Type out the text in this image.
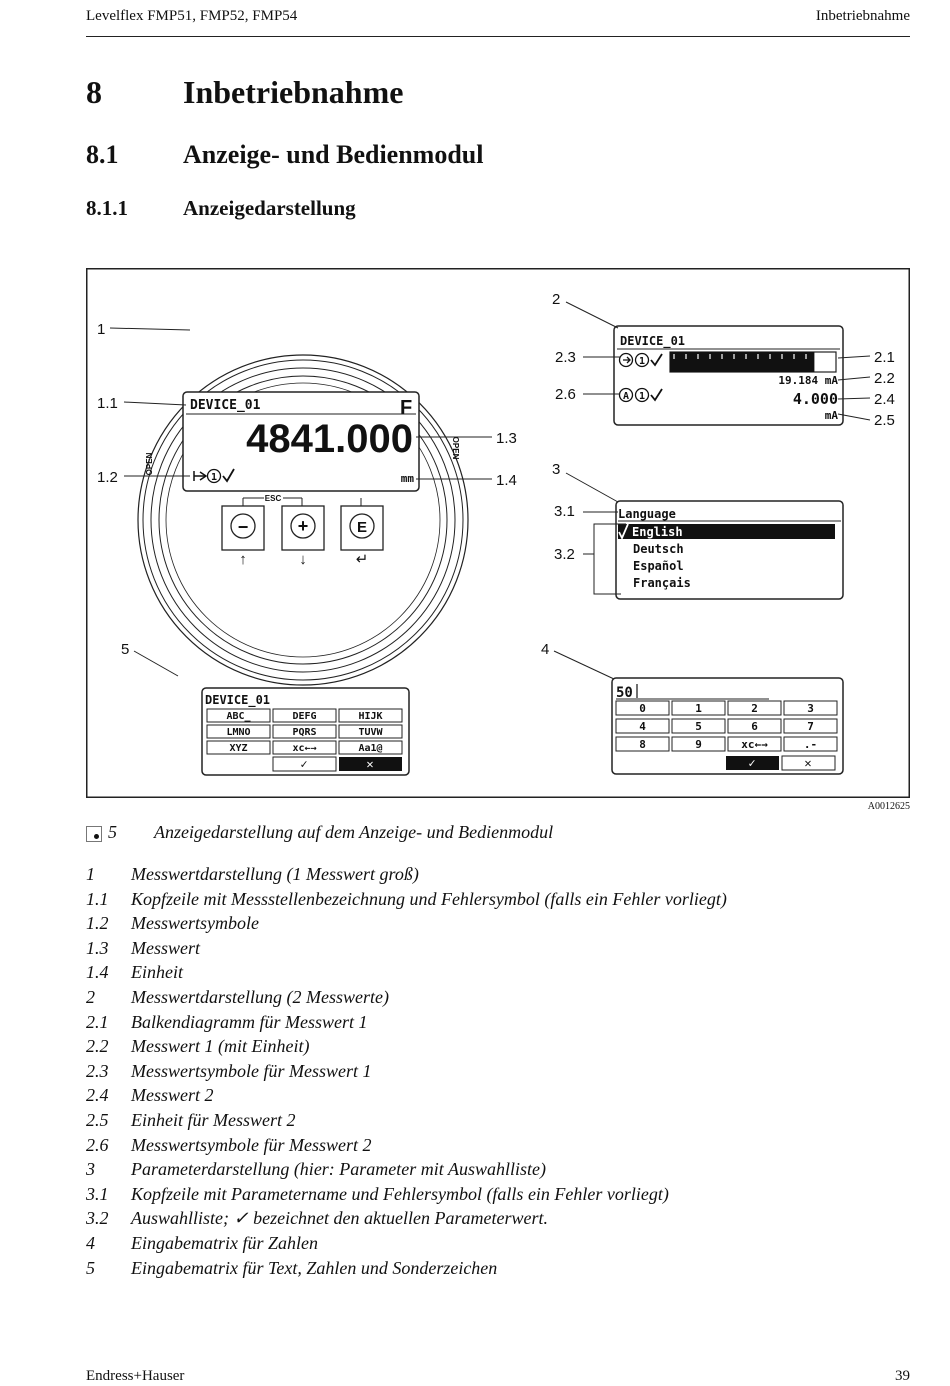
Levelflex FMP51, FMP52, FMP54	Inbetriebnahme
8	Inbetriebnahme
8.1 Anzeige- und Bedienmodul
8.1.1	Anzeigedarstellung
OPEN
OPEN
DEVICE_01	F
4841.000
1	mm
ESC
−
↑
+
↓
E
↵
1
1.1
1.2
1.3
1.4
DEVICE_01
1
19.184 mA
A 1	4.000
mA
2
2.3
2.6
2.1
2.2
2.4
2.5
Language
English
Deutsch
Español
Français
3
3.1
3.2
50
0	1	2	3
4	5	6	7
8	9	xc←→	.-
✓	✕
4
DEVICE_01
ABC_	DEFG	HIJK
LMNO	PQRS	TUVW
XYZ	xc←→	Aa1@
✓	✕
5
A0012625
5 Anzeigedarstellung auf dem Anzeige- und Bedienmodul
1 Messwertdarstellung (1 Messwert groß)
1.1 Kopfzeile mit Messstellenbezeichnung und Fehlersymbol (falls ein Fehler vorliegt)
1.2 Messwertsymbole
1.3 Messwert
1.4 Einheit
2 Messwertdarstellung (2 Messwerte)
2.1 Balkendiagramm für Messwert 1
2.2 Messwert 1 (mit Einheit)
2.3 Messwertsymbole für Messwert 1
2.4 Messwert 2
2.5 Einheit für Messwert 2
2.6 Messwertsymbole für Messwert 2
3 Parameterdarstellung (hier: Parameter mit Auswahlliste)
3.1 Kopfzeile mit Parametername und Fehlersymbol (falls ein Fehler vorliegt)
3.2 Auswahlliste; ✓ bezeichnet den aktuellen Parameterwert.
4 Eingabematrix für Zahlen
5 Eingabematrix für Text, Zahlen und Sonderzeichen
Endress+Hauser	39
